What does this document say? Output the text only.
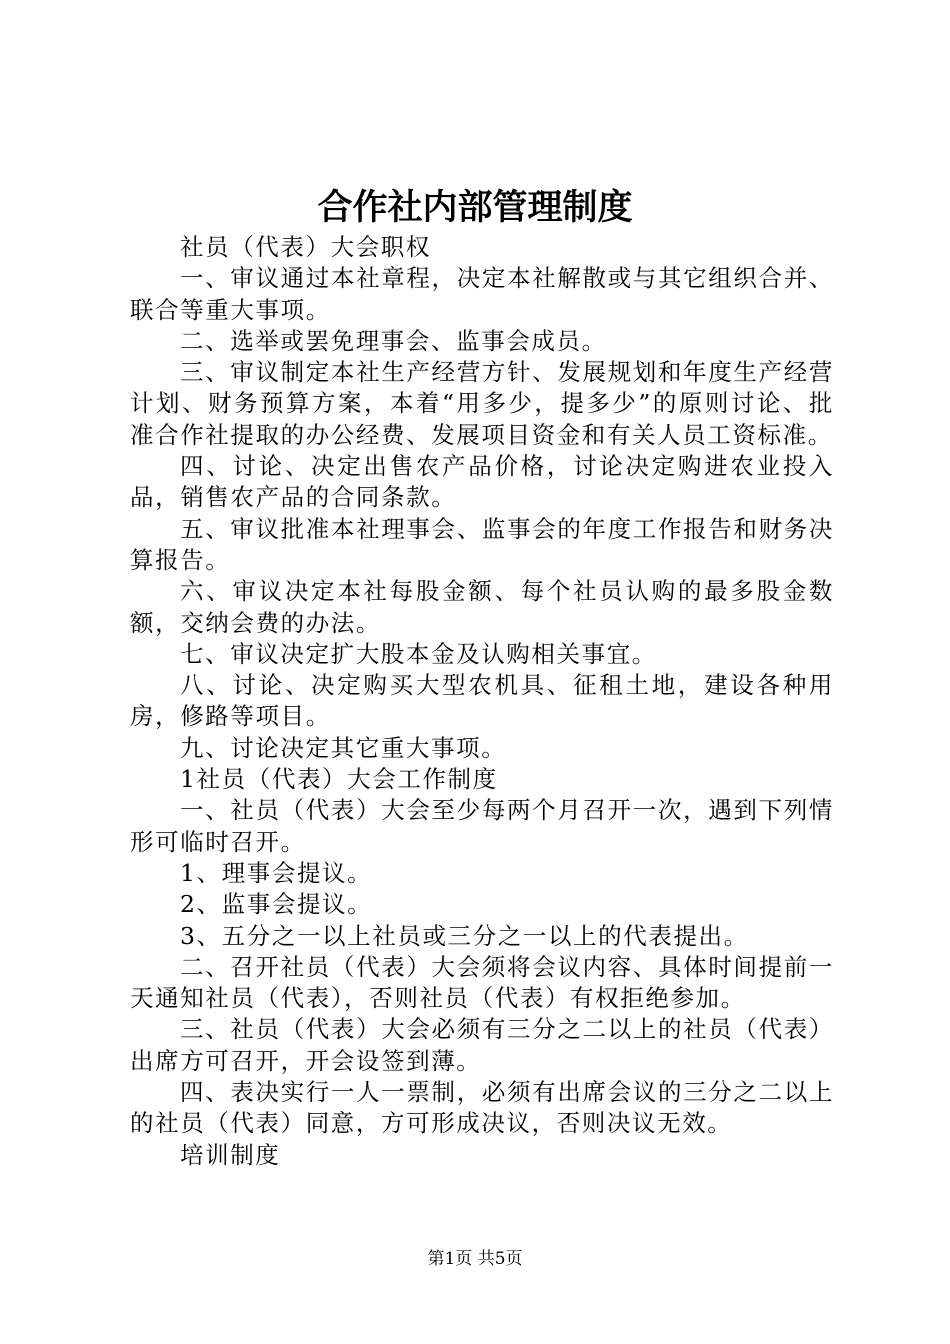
合作社内部管理制度

社员（代表）大会职权

一、审议通过本社章程，决定本社解散或与其它组织合并、联合等重大事项。

二、选举或罢免理事会、监事会成员。

三、审议制定本社生产经营方针、发展规划和年度生产经营计划、财务预算方案，本着“用多少，提多少”的原则讨论、批准合作社提取的办公经费、发展项目资金和有关人员工资标准。

四、讨论、决定出售农产品价格，讨论决定购进农业投入品，销售农产品的合同条款。

五、审议批准本社理事会、监事会的年度工作报告和财务决算报告。

六、审议决定本社每股金额、每个社员认购的最多股金数额，交纳会费的办法。

七、审议决定扩大股本金及认购相关事宜。

八、讨论、决定购买大型农机具、征租土地，建设各种用房，修路等项目。

九、讨论决定其它重大事项。

1社员（代表）大会工作制度

一、社员（代表）大会至少每两个月召开一次，遇到下列情形可临时召开。

1、理事会提议。

2、监事会提议。

3、五分之一以上社员或三分之一以上的代表提出。

二、召开社员（代表）大会须将会议内容、具体时间提前一天通知社员（代表），否则社员（代表）有权拒绝参加。

三、社员（代表）大会必须有三分之二以上的社员（代表）出席方可召开，开会设签到薄。

四、表决实行一人一票制，必须有出席会议的三分之二以上的社员（代表）同意，方可形成决议，否则决议无效。

培训制度

第1页 共5页
